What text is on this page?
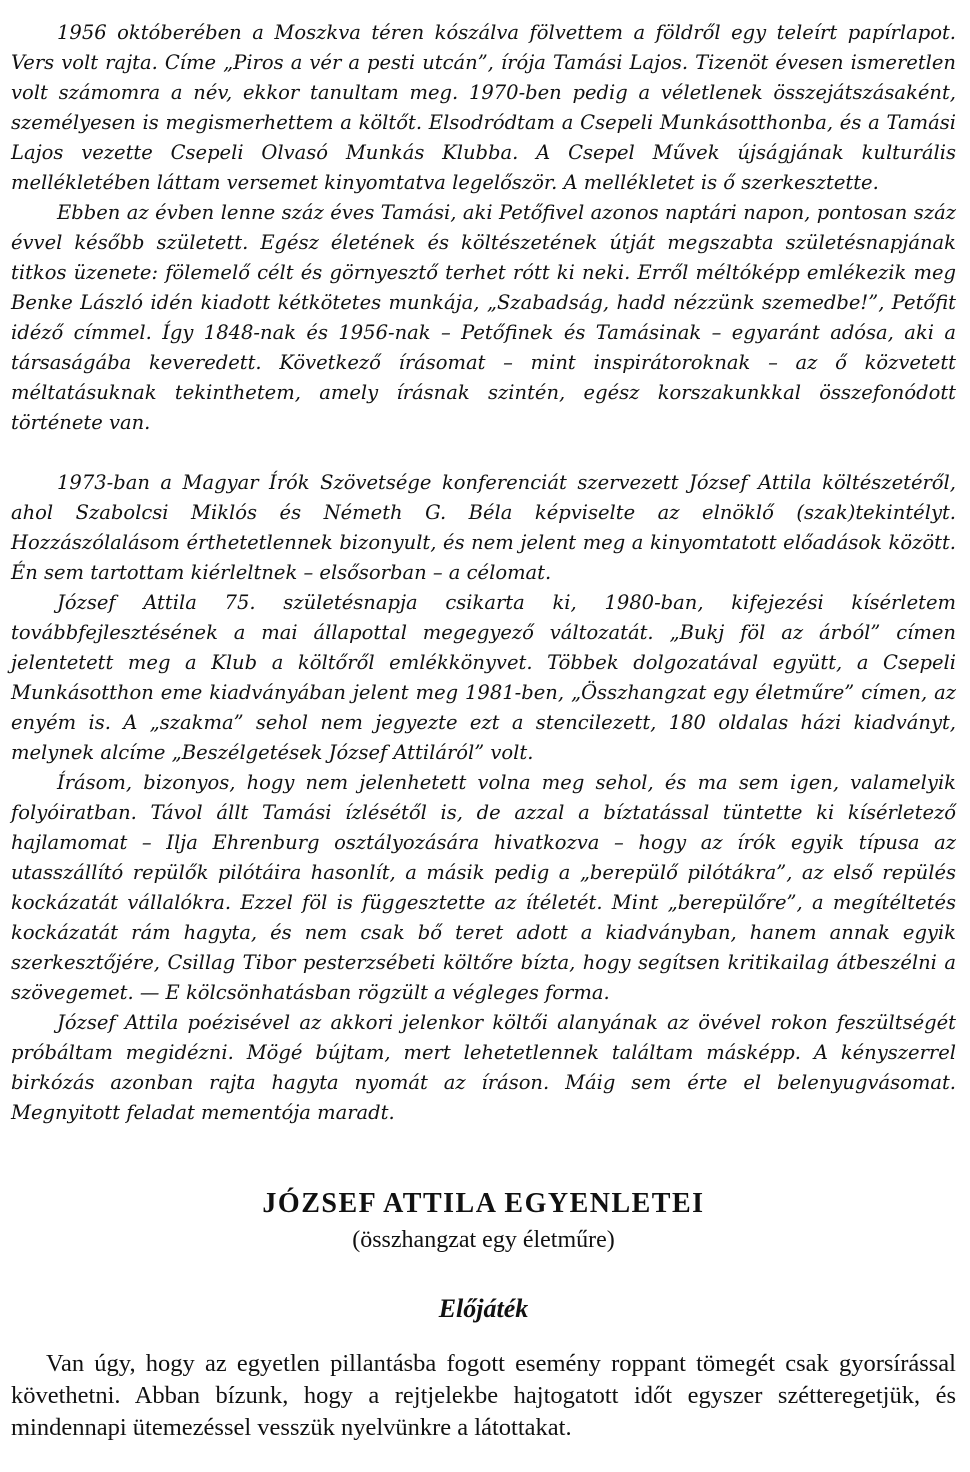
1956 októberében a Moszkva téren kószálva fölvettem a földről egy teleírt papírlapot. Vers volt rajta. Címe „Piros a vér a pesti utcán”, írója Tamási Lajos. Tizenöt évesen ismeretlen volt számomra a név, ekkor tanultam meg. 1970-ben pedig a véletlenek összejátszásaként, személyesen is megismerhettem a költőt. Elsodródtam a Csepeli Munkásotthonba, és a Tamási Lajos vezette Csepeli Olvasó Munkás Klubba. A Csepel Művek újságjának kulturális mellékletében láttam versemet kinyomtatva legelőször. A mellékletet is ő szerkesztette.

Ebben az évben lenne száz éves Tamási, aki Petőfivel azonos naptári napon, pontosan száz évvel később született. Egész életének és költészetének útját megszabta születésnapjának titkos üzenete: fölemelő célt és görnyesztő terhet rótt ki neki. Erről méltóképp emlékezik meg Benke László idén kiadott kétkötetes munkája, „Szabadság, hadd nézzünk szemedbe!”, Petőfit idéző címmel. Így 1848-nak és 1956-nak – Petőfinek és Tamásinak – egyaránt adósa, aki a társaságába keveredett. Következő írásomat – mint inspirátoroknak – az ő közvetett méltatásuknak tekinthetem, amely írásnak szintén, egész korszakunkkal összefonódott története van.

1973-ban a Magyar Írók Szövetsége konferenciát szervezett József Attila költészetéről, ahol Szabolcsi Miklós és Németh G. Béla képviselte az elnöklő (szak)tekintélyt. Hozzászólalásom érthetetlennek bizonyult, és nem jelent meg a kinyomtatott előadások között. Én sem tartottam kiérleltnek – elsősorban – a célomat.

József Attila 75. születésnapja csikarta ki, 1980-ban, kifejezési kísérletem továbbfejlesztésének a mai állapottal megegyező változatát. „Bukj föl az árból” címen jelentetett meg a Klub a költőről emlékkönyvet. Többek dolgozatával együtt, a Csepeli Munkásotthon eme kiadványában jelent meg 1981-ben, „Összhangzat egy életműre” címen, az enyém is. A „szakma” sehol nem jegyezte ezt a stencilezett, 180 oldalas házi kiadványt, melynek alcíme „Beszélgetések József Attiláról” volt.

Írásom, bizonyos, hogy nem jelenhetett volna meg sehol, és ma sem igen, valamelyik folyóiratban. Távol állt Tamási ízlésétől is, de azzal a bíztatással tüntette ki kísérletező hajlamomat – Ilja Ehrenburg osztályozására hivatkozva – hogy az írók egyik típusa az utasszállító repülők pilótáira hasonlít, a másik pedig a „berepülő pilótákra”, az első repülés kockázatát vállalókra. Ezzel föl is függesztette az ítéletét. Mint „berepülőre”, a megítéltetés kockázatát rám hagyta, és nem csak bő teret adott a kiadványban, hanem annak egyik szerkesztőjére, Csillag Tibor pesterzsébeti költőre bízta, hogy segítsen kritikailag átbeszélni a szövegemet. — E kölcsönhatásban rögzült a végleges forma.

József Attila poézisével az akkori jelenkor költői alanyának az övével rokon feszültségét próbáltam megidézni. Mögé bújtam, mert lehetetlennek találtam másképp. A kényszerrel birkózás azonban rajta hagyta nyomát az íráson. Máig sem érte el belenyugvásomat. Megnyitott feladat mementója maradt.

JÓZSEF ATTILA EGYENLETEI
(összhangzat egy életműre)
Előjáték

Van úgy, hogy az egyetlen pillantásba fogott esemény roppant tömegét csak gyorsírással követhetni. Abban bízunk, hogy a rejtjelekbe hajtogatott időt egyszer szétteregetjük, és mindennapi ütemezéssel vesszük nyelvünkre a látottakat.
